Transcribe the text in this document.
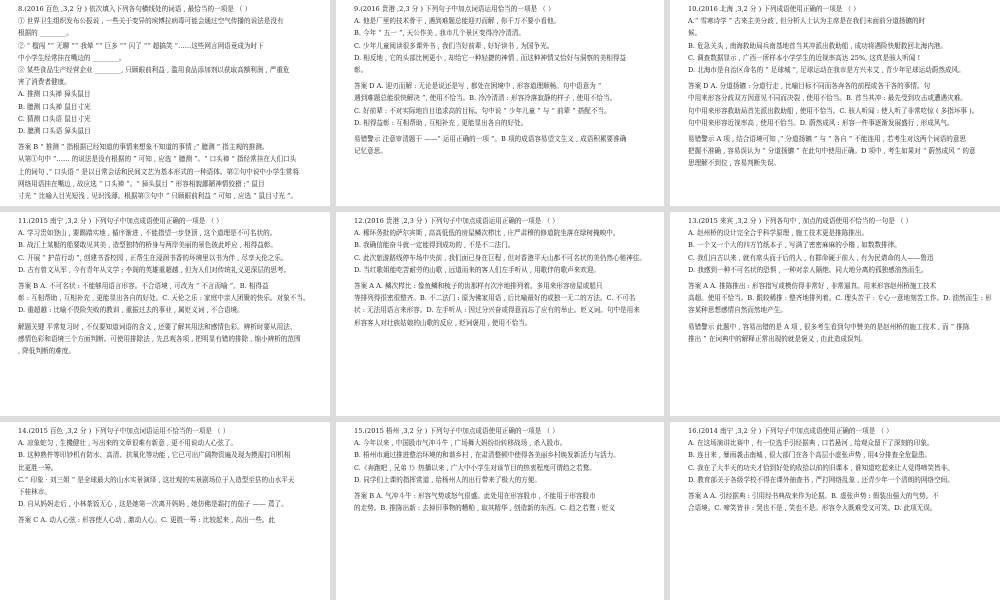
8.(2016 百色 ,3,2 分 ) 依次填入下列各句横线处的词语 , 最恰当的一项是 （ ）

① 世界卫生组织发布公报说 , 一些关于变异的埃博拉病毒可能会通过空气传播的说法是没有

根据的 ________。

② “ 榴闯 ”“ 无聊 ”“ 我晕 ”“ 巨多 ”“ 闪了 ”“ 超搞笑 ”……这些网言网语竟成为时下

中小学生经常挂在嘴边的 ________。

③ 某些食品生产经营企业 ________, 只顾眼前利益 , 滥用食品添加剂以获取高额利润 , 严重危

害了消费者健康。

A. 推测 口头禅 獐头鼠目

B. 臆测 口头禅 鼠目寸光

C. 猜测 口头语 鼠目寸光

D. 臆测 口头语 獐头鼠目

答案 B “ 推测 ” 指根据已经知道的事情来想象不知道的事情 ;“ 臆测 ” 指主观的推测。

从第①句中 “…… 的说法是没有根据的 ” 可知 , 应选 “ 臆测 ”。“ 口头禅 ” 指经常挂在人们口头

上的词句 ,“ 口头语 ” 是以日常会话和民间文艺为基本形式的一种语体。第②句中说中小学生常将

网络用语挂在嘴边 , 故应选 “ 口头禅 ”。“ 獐头鼠目 ” 形容相貌鄙陋神情狡猾 ;“ 鼠目

寸光 ” 比喻人目光短浅 , 见识浅薄。根据第③句中 “ 只顾眼前利益 ” 可知 , 应选 “ 鼠目寸光 ”。

9.(2016 贵港 ,2,3 分 ) 下列句子中加点词语运用恰当的一项是 （ ）

A. 他是厂里的技术骨干 , 遇到难题总能迎刃而解 , 你千万不要小看他。

B. 今年 “ 五一 ”, 天公作美 , 我市几个景区变得冷冷清清。

C. 少年儿童阅读很多课外书 , 我们当好前辈 , 好好读书 , 为国争光。

D. 相反地 , 它的头部比例更小 , 却给它一种轻捷的神情 , 而这种神情又恰好与洞察的美相得益

彰。

答案 D A. 迎刃而解 : 无论是说还是写 , 都处在困境中 , 形容道理顺畅。句中语意为 “

遇到难题总能很快解决 ”, 使用不恰当。B. 冷冷清清 : 形容冷落寂静的样子 , 使用不恰当。

C. 好前辈 : 不对实际地盲目追求高的目标。句中说 “ 少年儿童 ” 与 “ 前辈 ” 搭配不当。

D. 相得益彰 : 互相帮助 , 互相补充 , 更能显出各自的好处。

易错警示 注意审清题干 ——“ 运用正确的一项 ”。B 项的成语容易望文生义 , 成语积累要准确

记忆意思。

10.(2016 北海 ,3,2 分 ) 下列成语使用正确的一项是 （ ）

A.“ 雪寒诗学 ” 古来主美分歧 , 但分析人士认为主席是在我们未面前分道扬镳的时

候。

B. 危急关头 , 南海救助局兵南基地首当其冲派出救助船 , 成功将遇险快艇救回北海内港。

C. 调查数据显示 , 广西一所样本小学学生的近视率高达 25%, 这真是骇人听闻 !

D. 北海市是自治区命名的 “ 足球城 ”, 足球运动在我市是方兴未艾 , 青少年足球运动蔚然成风。

答案 D A. 分道扬镳 : 分道行走 , 比喻目标不同而各奔各的前程或各干各的事情。句

中用来形容分歧双方因意见不同而决裂 , 使用不恰当。B. 首当其冲 : 最先受到攻击或遭遇灾难。

句中用来形容救助局首先派出救助船 , 使用不恰当。C. 骇人听闻 : 使人听了非常吃惊 ( 多指坏事 )。

句中用来形容近视率高 , 使用不恰当。D. 蔚然成风 : 形容一件事逐渐发展盛行 , 形成风气。

易错警示 A 项 , 结合语境可知 ,“ 分道扬镳 ” 与 “ 各自 ” 不能连用 , 若考生对这两个词语的意思

把握不准确 , 容易误认为 “ 分道扬镳 ” 在此句中使用正确。D 项中 , 考生如果对 “ 蔚然成风 ” 的意

思理解不到位 , 容易判断失误。

11.(2015 南宁 ,3,2 分 ) 下列句子中加点成语使用正确的一项是 （ ）

A. 学习贵如登山 , 要踢踏实地 , 循序渐进 , 不能指望一步登顶 , 这个道理是不可名状的。

B. 战江上某艇的船要敢见其美 , 造型独特的桥身与两岸美丽的景色彼此呼应 , 相得益彰。

C. 开展 “ 护苗行动 ”, 创建书香校园 , 正帮生在浸润书香的环境里以书为伴 , 尽享天伦之乐。

D. 古有曾文从军 , 今有青年从文学 ; 李阁的英雄重超越 , 但为人们对传统礼义更深层的思考。

答案 B A. 不可名状 : 不能够用语言形容。不合语境 , 可改为 “ 不言而喻 ”。B. 相得益

彰 : 互相帮助 , 互相补充 , 更能显出各自的好处。C. 天伦之乐 : 家庭中亲人团聚的快乐。对象不当。

D. 重超越 : 比喻不畏险失败的教训 , 重振过去的事业 , 属贬义词 , 不合语境。

解题关键 平常复习时 , 不仅要知道词语的含义 , 还要了解其用法和感情色彩。辨析时要从用法、

感情色彩和语境三个方面判断。可使用排除法 , 先总观各项 , 把明显有错的排除 , 缩小辨析的范围

, 降低判断的难度。

12.(2016 贵港 ,2,3 分 ) 下列句子中加点成语运用正确的一项是 （ ）

A. 稀环务批的萨尔宾斯 , 高高低低的房屋鳞次栉比 , 庄严肃穆的修道院坐落在绿树掩映中。

B. 我确信能奋斗就一定能得到成功的 , 不是不二法门。

C. 此次旅游路线停车场中央前 , 我们面已身在巨程 , 但对香港平天山都不可名状的美仍然心驰神往。

D. 当红歌姐能吃苦耐劳的山歌 , 远道而来的客人们左手听从 , 用歌伴的歌声来欢迎。

答案 A A. 鳞次栉比 : 像鱼鳞和梳子的齿那样有次序地排列着。多用来形容房屋或船只

等排列得很密很整齐。B. 不二法门 : 原为佛家用语 , 后比喻最好的或独一无二的方法。C. 不可名

状 : 无法用语言来形容。D. 左手听从 : 因过分兴奋或得意而忘了应有的举止。贬义词。句中是用来

形容客人对壮族姑娘的山歌的反应 , 贬词褒用 , 使用不恰当。

13.(2015 来宾 ,3,2 分 ) 下列各句中 , 加点的成语使用不恰当的一句是 （ ）

A. 赵州桥的设计完全合乎科学原理 , 施工技术更是推陈推出。

B. 一个又一个大的四方竹纸本子 , 写满了密密麻麻的小楷 , 如数数排律。

C. 我们自古以来 , 就有席头而于后的人 , 有群命硬于前人 , 有为民请命的人——鲁迅

D. 我感到一种不可名状的恐惧 , 一种对亲人隔绝、同大地分离的孤独感油然而生。

答案 A A. 推陈推出 : 形容措写或模仿得非常好 , 非常逼真。用来形容赵州桥施工技术

高超。使用不恰当。B. 跟较稀推 : 整齐地排列着。C. 理头苦干 : 专心一意地刻苦工作。D. 油然而生 : 形

容某种思想感情自然而然地产生。

易错警示 此题中 , 容易出错的是 A 项 , 很多考生看到句中赞美的是赵州桥的施工技术 , 而 “ 推陈

推出 ” 在词典中的解释正常出现的就是褒义 , 由此造成误判。

14.(2015 百色 ,3,2 分 ) 下列句子中加点词语运用不恰当的一项是 （ ）

A. 凉象蛇匀 , 生機健壮 , 写出来的文章很难有新意 , 更不用说动人心弦了。

B. 这种熟件等印钞机有防水、高清、抗氧化等功能 , 它已可出广阔物资遍及现为摸需打印机相

比更胜一筹。

C.“ 印象 · 刘三姐 ” 是全球最大的山水实景演绎 , 这壮观的实景剧场位于人造型至县的山水平天

下桂林市。

D. 自从妈妈走后 , 小林茶饭无心 , 这是她第一次离开妈妈 , 她仿佛是霜打的茄子 —— 蔫了。

答案 C A. 动人心弦 : 形容使人心动 , 激动人心。C. 更胜一筹 : 比较起来 , 高出一些。此

15.(2015 梧州 ,3,2 分 ) 下列句子中加点成语使用正确的一项是 （ ）

A. 今年以来 , 中国股市气冲斗牛 , 广场舞大妈纷纷转移战场 , 杀入股市。

B. 梧州市通过推进整治环境的和谐乡村 , 在肃清整顿中使得各美丽乡村焕发新活力与活力。

C.《奔跑吧 , 兄弟 !》热播以来 , 广大中小学生对该节目的热衷程度可谓趋之若鹜。

D. 同学们上课的指挥赏道 , 给杨州人的出行带来了极大的方便。

答案 B A. 气冲斗牛 : 形容气势或怒气很盛。此处用在形容股市 , 不能用于形容股市

的走势。B. 推陈出新 : 去掉旧事物的糟粕 , 取其精华 , 创造新的东西。C. 趋之若鹜 : 贬义

16.(2014 南宁 ,3,2 分 ) 下列句子中加点成语使用正确的一项是 （ ）

A. 在这场演讲比赛中 , 有一位选手引经据典 , 口若悬河 , 给观众留下了深刻的印象。

B. 连日来 , 暴雨袭击南城 , 很大部门在各个高层小虚张声势 , 用4分排查全危隐患。

C. 我在了大半天的功夫才恰到好处的收拾以前的旧课本 , 谁知道吃起来让人觉得啼笑皆非。

D. 教育部关于各级学校不得在课外抽查书 , 严打网络乱象 , 还青少年一个清朗的网络空间。

答案 A A. 引经据典 : 引用经书典故来作为论据。B. 虚张声势 : 假装出强大的气势。不

合语境。C. 啼笑皆非 : 哭也不是 , 笑也不是。形容令人既难受又可笑。D. 此项无误。
